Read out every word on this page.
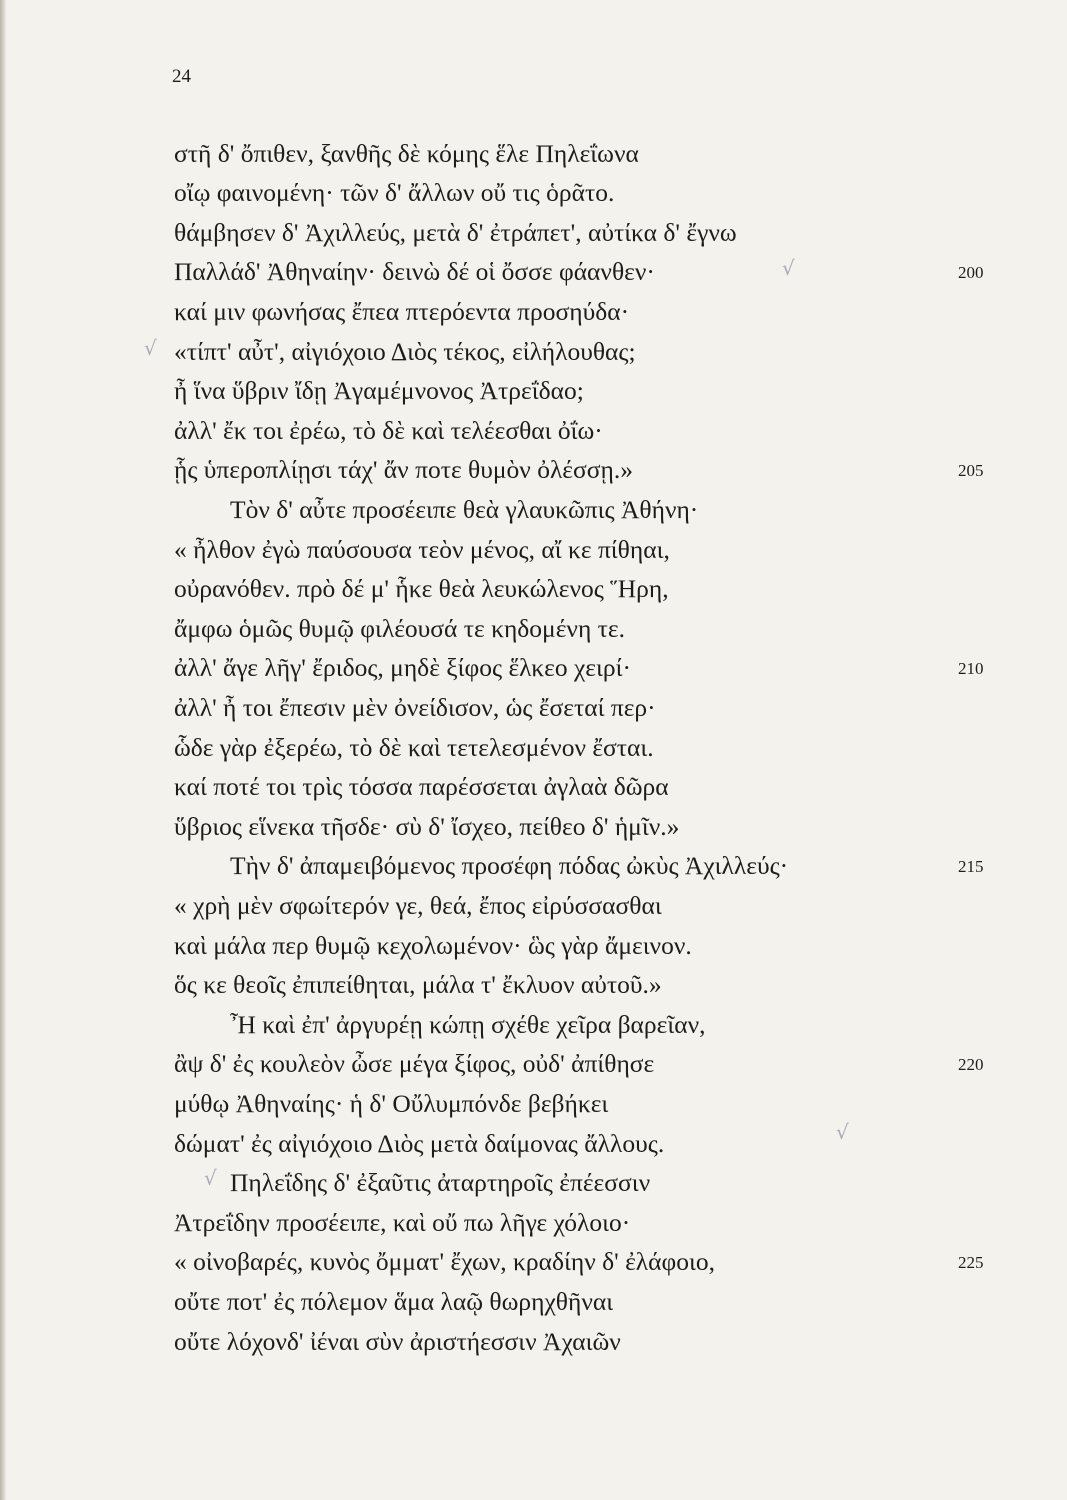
24
στῆ δ' ὄπιθεν, ξανθῆς δὲ κόμης ἕλε Πηλεΐωνα
οἴῳ φαινομένη· τῶν δ' ἄλλων οὔ τις ὁρᾶτο.
θάμβησεν δ' Ἀχιλλεύς, μετὰ δ' ἐτράπετ', αὐτίκα δ' ἔγνω
Παλλάδ' Ἀθηναίην· δεινὼ δέ οἱ ὄσσε φάανθεν·
καί μιν φωνήσας ἔπεα πτερόεντα προσηύδα·
«τίπτ' αὖτ', αἰγιόχοιο Διὸς τέκος, εἰλήλουθας;
ἦ ἵνα ὕβριν ἴδῃ Ἀγαμέμνονος Ἀτρεΐδαο;
ἀλλ' ἔκ τοι ἐρέω, τὸ δὲ καὶ τελέεσθαι ὀΐω·
ᾗς ὑπεροπλίῃσι τάχ' ἄν ποτε θυμὸν ὀλέσσῃ.»
Τὸν δ' αὖτε προσέειπε θεὰ γλαυκῶπις Ἀθήνη·
« ἦλθον ἐγὼ παύσουσα τεὸν μένος, αἴ κε πίθηαι,
οὐρανόθεν. πρὸ δέ μ' ἧκε θεὰ λευκώλενος Ἥρη,
ἄμφω ὁμῶς θυμῷ φιλέουσά τε κηδομένη τε.
ἀλλ' ἄγε λῆγ' ἔριδος, μηδὲ ξίφος ἕλκεο χειρί·
ἀλλ' ἦ τοι ἔπεσιν μὲν ὀνείδισον, ὡς ἔσεταί περ·
ὧδε γὰρ ἐξερέω, τὸ δὲ καὶ τετελεσμένον ἔσται.
καί ποτέ τοι τρὶς τόσσα παρέσσεται ἀγλαὰ δῶρα
ὕβριος εἵνεκα τῆσδε· σὺ δ' ἴσχεο, πείθεο δ' ἡμῖν.»
Τὴν δ' ἀπαμειβόμενος προσέφη πόδας ὠκὺς Ἀχιλλεύς·
« χρὴ μὲν σφωίτερόν γε, θεά, ἔπος εἰρύσσασθαι
καὶ μάλα περ θυμῷ κεχολωμένον· ὣς γὰρ ἄμεινον.
ὅς κε θεοῖς ἐπιπείθηται, μάλα τ' ἔκλυον αὐτοῦ.»
Ἦ καὶ ἐπ' ἀργυρέῃ κώπῃ σχέθε χεῖρα βαρεῖαν,
ἂψ δ' ἐς κουλεὸν ὦσε μέγα ξίφος, οὐδ' ἀπίθησε
μύθῳ Ἀθηναίης· ἡ δ' Οὔλυμπόνδε βεβήκει
δώματ' ἐς αἰγιόχοιο Διὸς μετὰ δαίμονας ἄλλους.
Πηλεΐδης δ' ἐξαῦτις ἀταρτηροῖς ἐπέεσσιν
Ἀτρεΐδην προσέειπε, καὶ οὔ πω λῆγε χόλοιο·
« οἰνοβαρές, κυνὸς ὄμματ' ἔχων, κραδίην δ' ἐλάφοιο,
οὔτε ποτ' ἐς πόλεμον ἅμα λαῷ θωρηχθῆναι
οὔτε λόχονδ' ἰέναι σὺν ἀριστήεσσιν Ἀχαιῶν
200
205
210
215
220
225
√
√
√
√
